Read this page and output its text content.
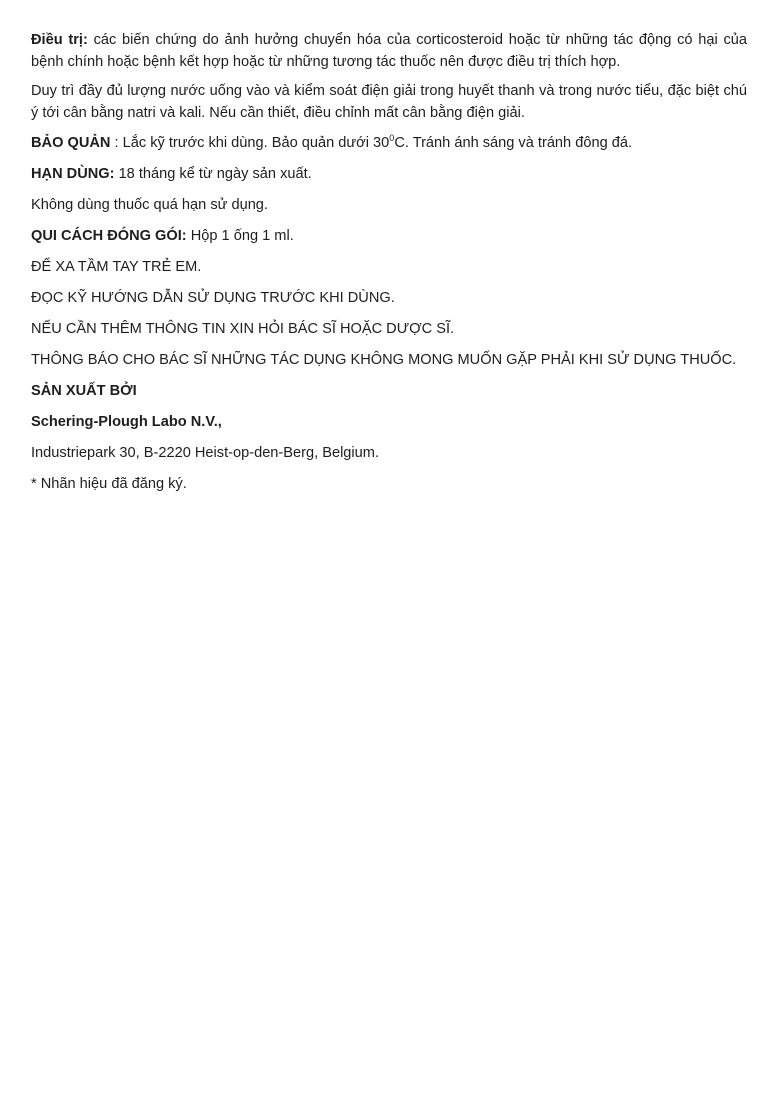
Điều trị: các biến chứng do ảnh hưởng chuyển hóa của corticosteroid hoặc từ những tác động có hại của bệnh chính hoặc bệnh kết hợp hoặc từ những tương tác thuốc nên được điều trị thích hợp.

Duy trì đầy đủ lượng nước uống vào và kiểm soát điện giải trong huyết thanh và trong nước tiểu, đặc biệt chú ý tới cân bằng natri và kali. Nếu cần thiết, điều chỉnh mất cân bằng điện giải.

BẢO QUẢN : Lắc kỹ trước khi dùng. Bảo quản dưới $30^0C$. Tránh ánh sáng và tránh đông đá.

HẠN DÙNG: 18 tháng kể từ ngày sản xuất.

Không dùng thuốc quá hạn sử dụng.

QUI CÁCH ĐÓNG GÓI: Hộp 1 ống 1 ml.

ĐỂ XA TẦM TAY TRẺ EM.

ĐỌC KỸ HƯỚNG DẪN SỬ DỤNG TRƯỚC KHI DÙNG.

NẾU CẦN THÊM THÔNG TIN XIN HỎI BÁC SĨ HOẶC DƯỢC SĨ.

THÔNG BÁO CHO BÁC SĨ NHỮNG TÁC DỤNG KHÔNG MONG MUỐN GẶP PHẢI KHI SỬ DỤNG THUỐC.

SẢN XUẤT BỞI

Schering-Plough Labo N.V.,

Industriepark 30, B-2220 Heist-op-den-Berg, Belgium.

* Nhãn hiệu đã đăng ký.
